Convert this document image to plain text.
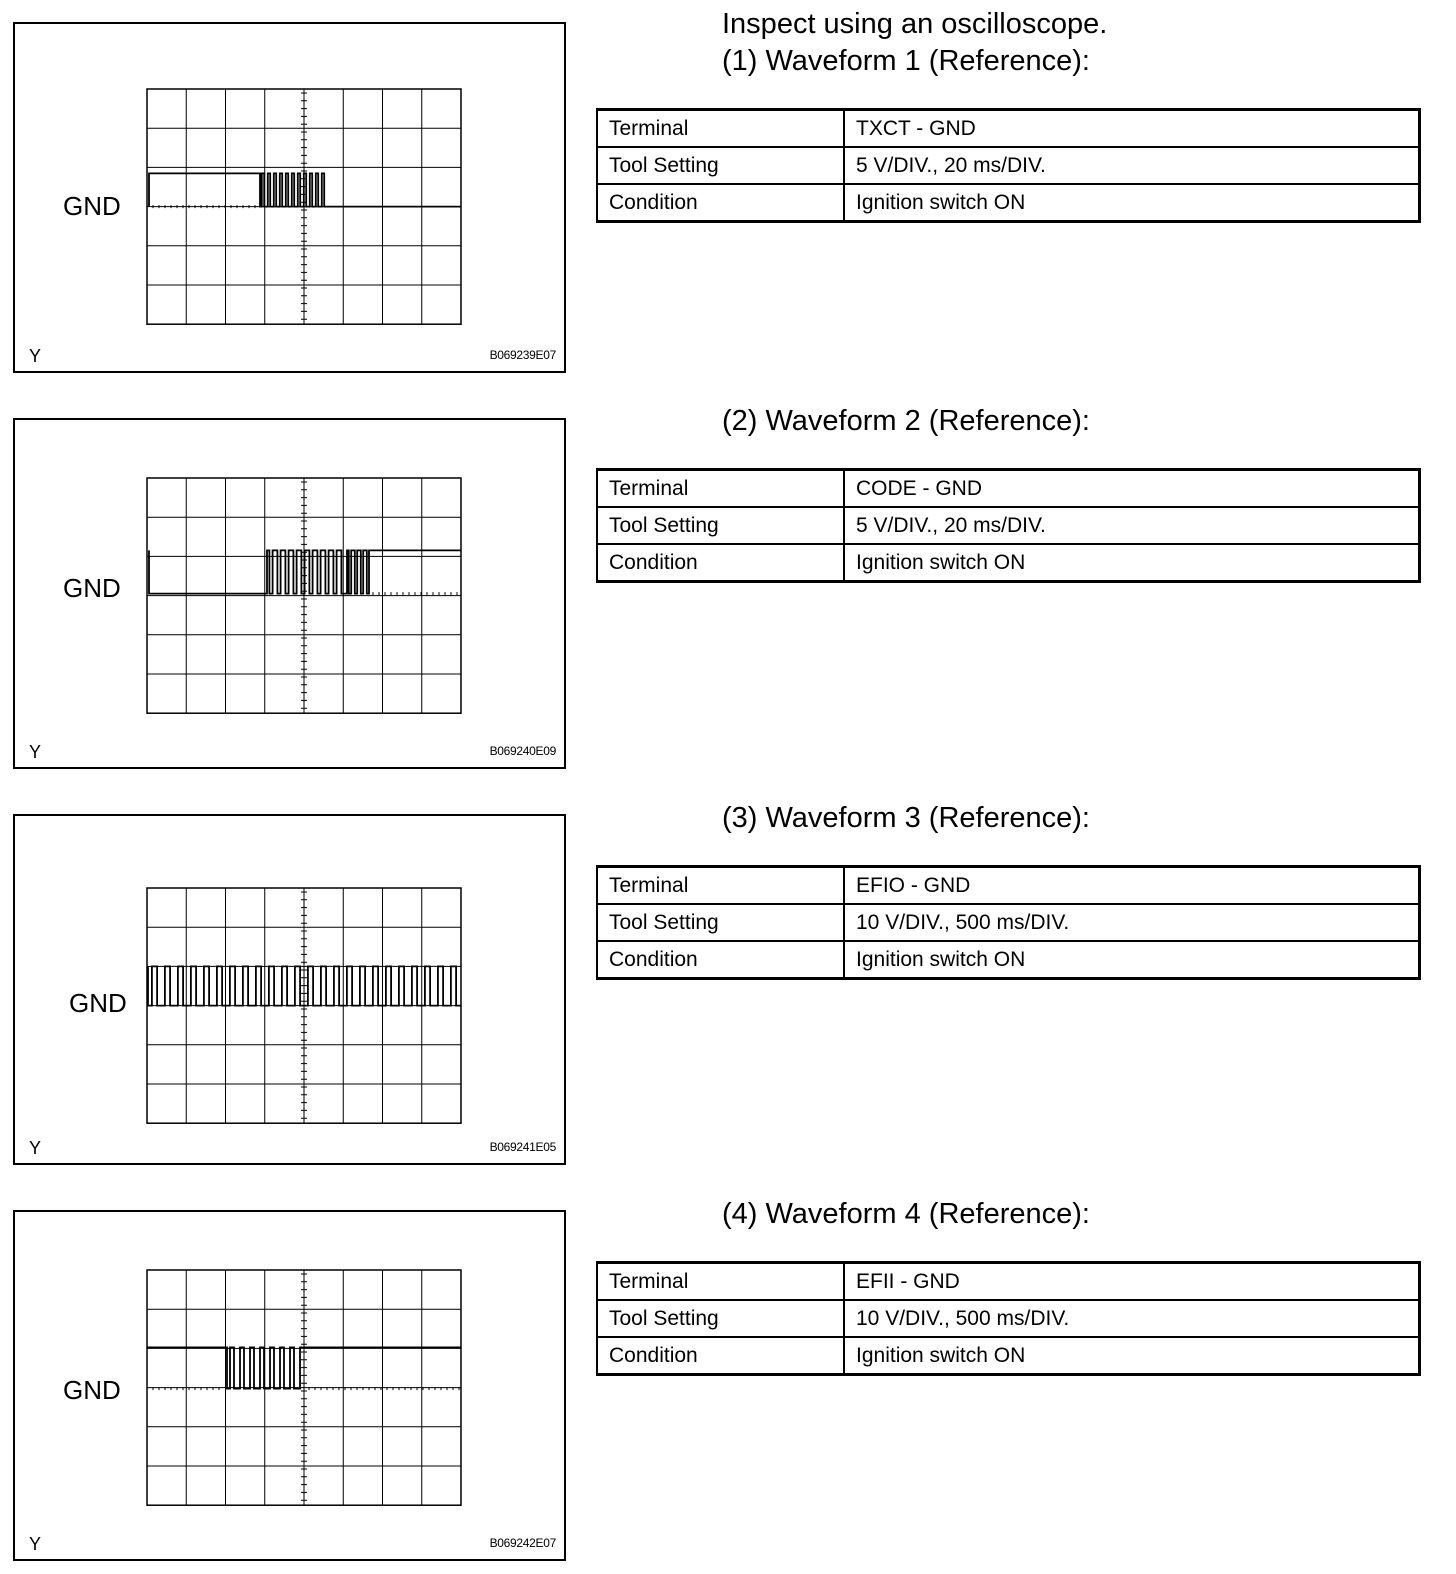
Inspect using an oscilloscope.
GND
Y	B069239E07
(1) Waveform 1 (Reference):
Terminal	TXCT - GND
Tool Setting	5 V/DIV., 20 ms/DIV.
Condition	Ignition switch ON
GND
Y	B069240E09
(2) Waveform 2 (Reference):
Terminal	CODE - GND
Tool Setting	5 V/DIV., 20 ms/DIV.
Condition	Ignition switch ON
GND
Y	B069241E05
(3) Waveform 3 (Reference):
Terminal	EFIO - GND
Tool Setting	10 V/DIV., 500 ms/DIV.
Condition	Ignition switch ON
GND
Y	B069242E07
(4) Waveform 4 (Reference):
Terminal	EFII - GND
Tool Setting	10 V/DIV., 500 ms/DIV.
Condition	Ignition switch ON
